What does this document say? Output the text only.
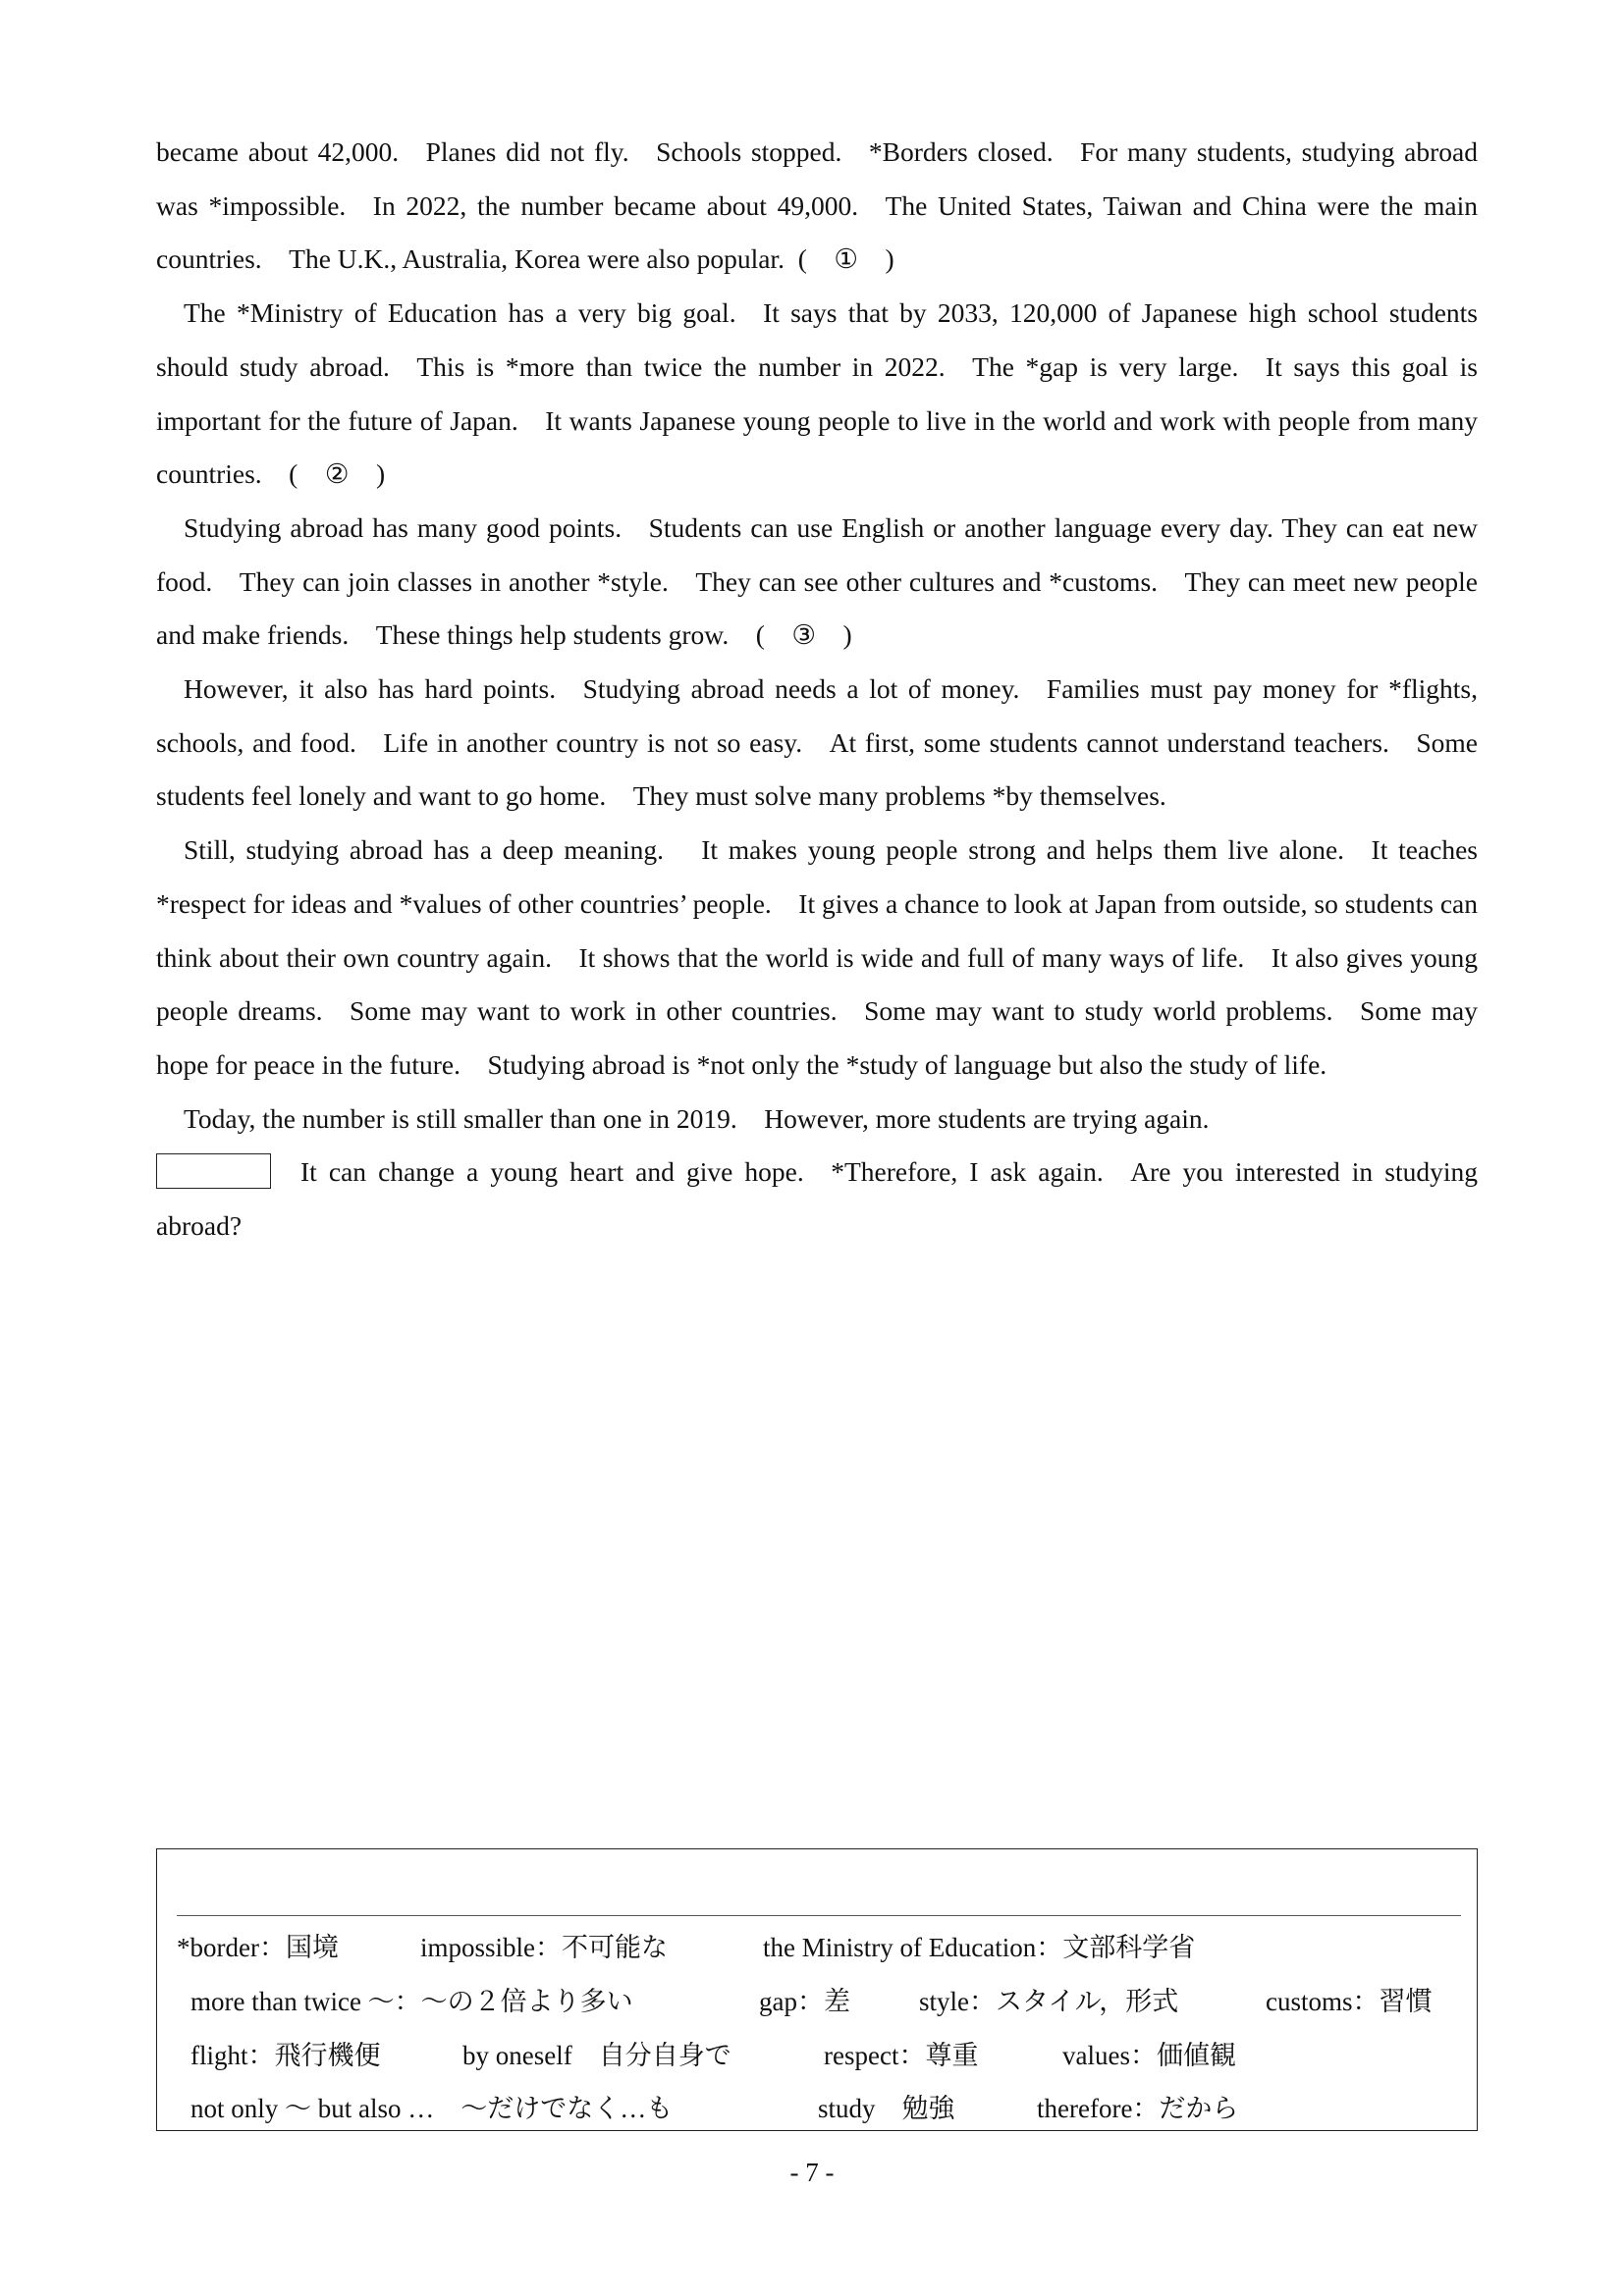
became about 42,000. Planes did not fly. Schools stopped. *Borders closed. For many students, studying abroad was *impossible. In 2022, the number became about 49,000. The United States, Taiwan and China were the main countries. The U.K., Australia, Korea were also popular. ( ① )

The *Ministry of Education has a very big goal. It says that by 2033, 120,000 of Japanese high school students should study abroad. This is *more than twice the number in 2022. The *gap is very large. It says this goal is important for the future of Japan. It wants Japanese young people to live in the world and work with people from many countries. ( ② )

Studying abroad has many good points. Students can use English or another language every day. They can eat new food. They can join classes in another *style. They can see other cultures and *customs. They can meet new people and make friends. These things help students grow. ( ③ )

However, it also has hard points. Studying abroad needs a lot of money. Families must pay money for *flights, schools, and food. Life in another country is not so easy. At first, some students cannot understand teachers. Some students feel lonely and want to go home. They must solve many problems *by themselves.

Still, studying abroad has a deep meaning.  It makes young people strong and helps them live alone. It teaches *respect for ideas and *values of other countries’ people. It gives a chance to look at Japan from outside, so students can think about their own country again. It shows that the world is wide and full of many ways of life. It also gives young people dreams. Some may want to work in other countries. Some may want to study world problems. Some may hope for peace in the future. Studying abroad is *not only the *study of language but also the study of life.

Today, the number is still smaller than one in 2019. However, more students are trying again.

It can change a young heart and give hope. *Therefore, I ask again. Are you interested in studying abroad?

*border：国境	impossible：不可能な	the Ministry of Education：文部科学省
more than twice ～：～の２倍より多い	gap：差	style：スタイル，形式	customs：習慣
flight：飛行機便	by oneself　自分自身で	respect：尊重	values：価値観
not only ～ but also …　～だけでなく…も	study　勉強	therefore：だから
- 7 -
